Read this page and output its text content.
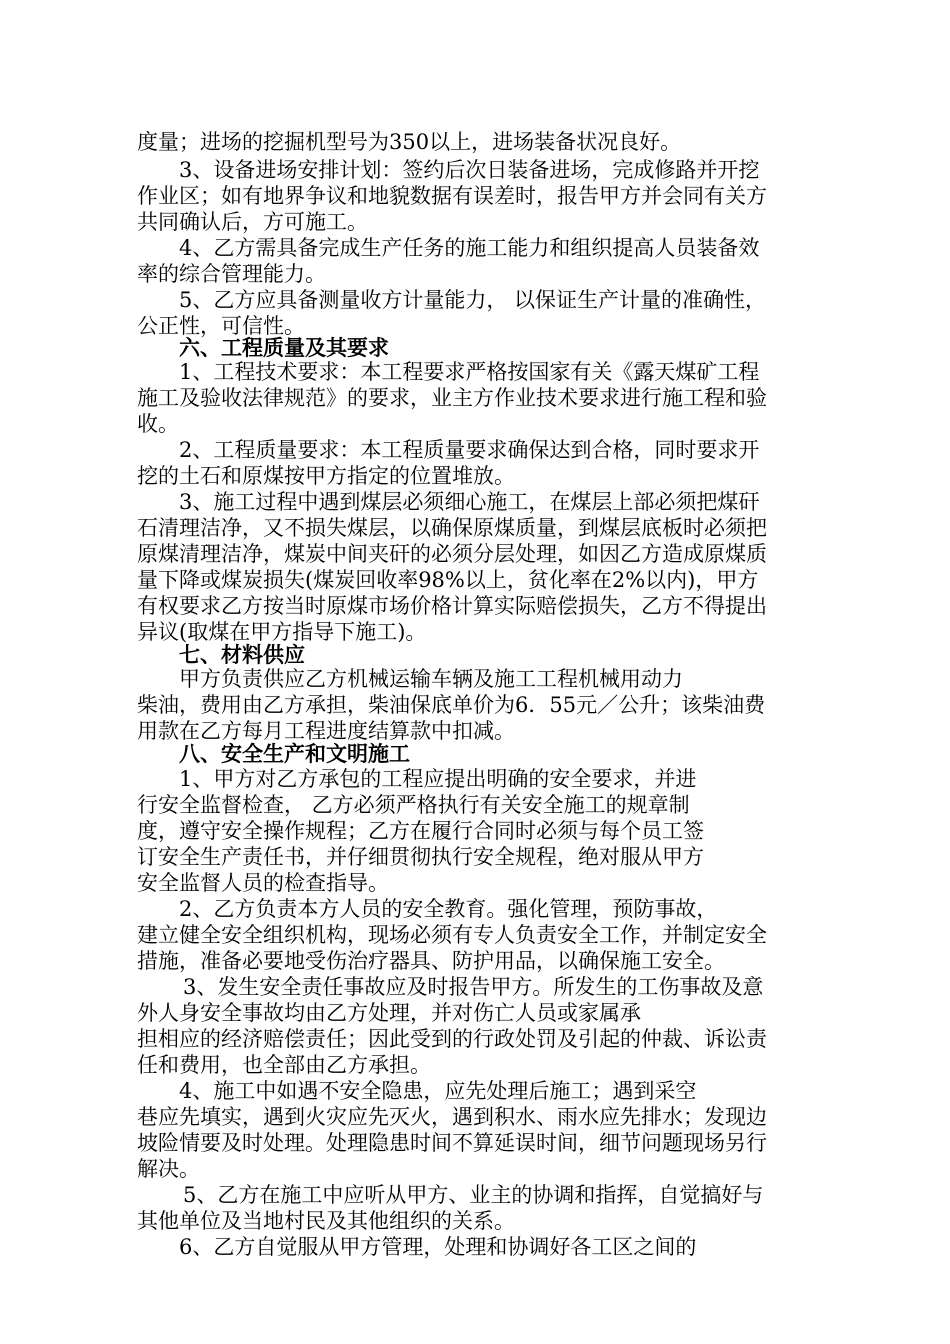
度量；进场的挖掘机型号为350以上，进场装备状况良好。
3、设备进场安排计划：签约后次日装备进场，完成修路并开挖
作业区；如有地界争议和地貌数据有误差时，报告甲方并会同有关方
共同确认后，方可施工。
4、乙方需具备完成生产任务的施工能力和组织提高人员装备效
率的综合管理能力。
5、乙方应具备测量收方计量能力， 以保证生产计量的准确性，
公正性，可信性。
六、工程质量及其要求
1、工程技术要求：本工程要求严格按国家有关《露天煤矿工程
施工及验收法律规范》的要求，业主方作业技术要求进行施工程和验
收。
2、工程质量要求：本工程质量要求确保达到合格，同时要求开
挖的土石和原煤按甲方指定的位置堆放。
3、施工过程中遇到煤层必须细心施工，在煤层上部必须把煤矸
石清理洁净，又不损失煤层，以确保原煤质量，到煤层底板时必须把
原煤清理洁净，煤炭中间夹矸的必须分层处理，如因乙方造成原煤质
量下降或煤炭损失(煤炭回收率98%以上，贫化率在2%以内)，甲方
有权要求乙方按当时原煤市场价格计算实际赔偿损失，乙方不得提出
异议(取煤在甲方指导下施工)。
七、材料供应
甲方负责供应乙方机械运输车辆及施工工程机械用动力
柴油，费用由乙方承担，柴油保底单价为6．55元／公升；该柴油费
用款在乙方每月工程进度结算款中扣减。
八、安全生产和文明施工
1、甲方对乙方承包的工程应提出明确的安全要求，并进
行安全监督检查， 乙方必须严格执行有关安全施工的规章制
度，遵守安全操作规程；乙方在履行合同时必须与每个员工签
订安全生产责任书，并仔细贯彻执行安全规程，绝对服从甲方
安全监督人员的检查指导。
2、乙方负责本方人员的安全教育。强化管理，预防事故，
建立健全安全组织机构，现场必须有专人负责安全工作，并制定安全
措施，准备必要地受伤治疗器具、防护用品，以确保施工安全。
3、发生安全责任事故应及时报告甲方。所发生的工伤事故及意
外人身安全事故均由乙方处理，并对伤亡人员或家属承
担相应的经济赔偿责任；因此受到的行政处罚及引起的仲裁、诉讼责
任和费用，也全部由乙方承担。
4、施工中如遇不安全隐患，应先处理后施工；遇到采空
巷应先填实，遇到火灾应先灭火，遇到积水、雨水应先排水；发现边
坡险情要及时处理。处理隐患时间不算延误时间，细节问题现场另行
解决。
5、乙方在施工中应听从甲方、业主的协调和指挥，自觉搞好与
其他单位及当地村民及其他组织的关系。
6、乙方自觉服从甲方管理，处理和协调好各工区之间的
